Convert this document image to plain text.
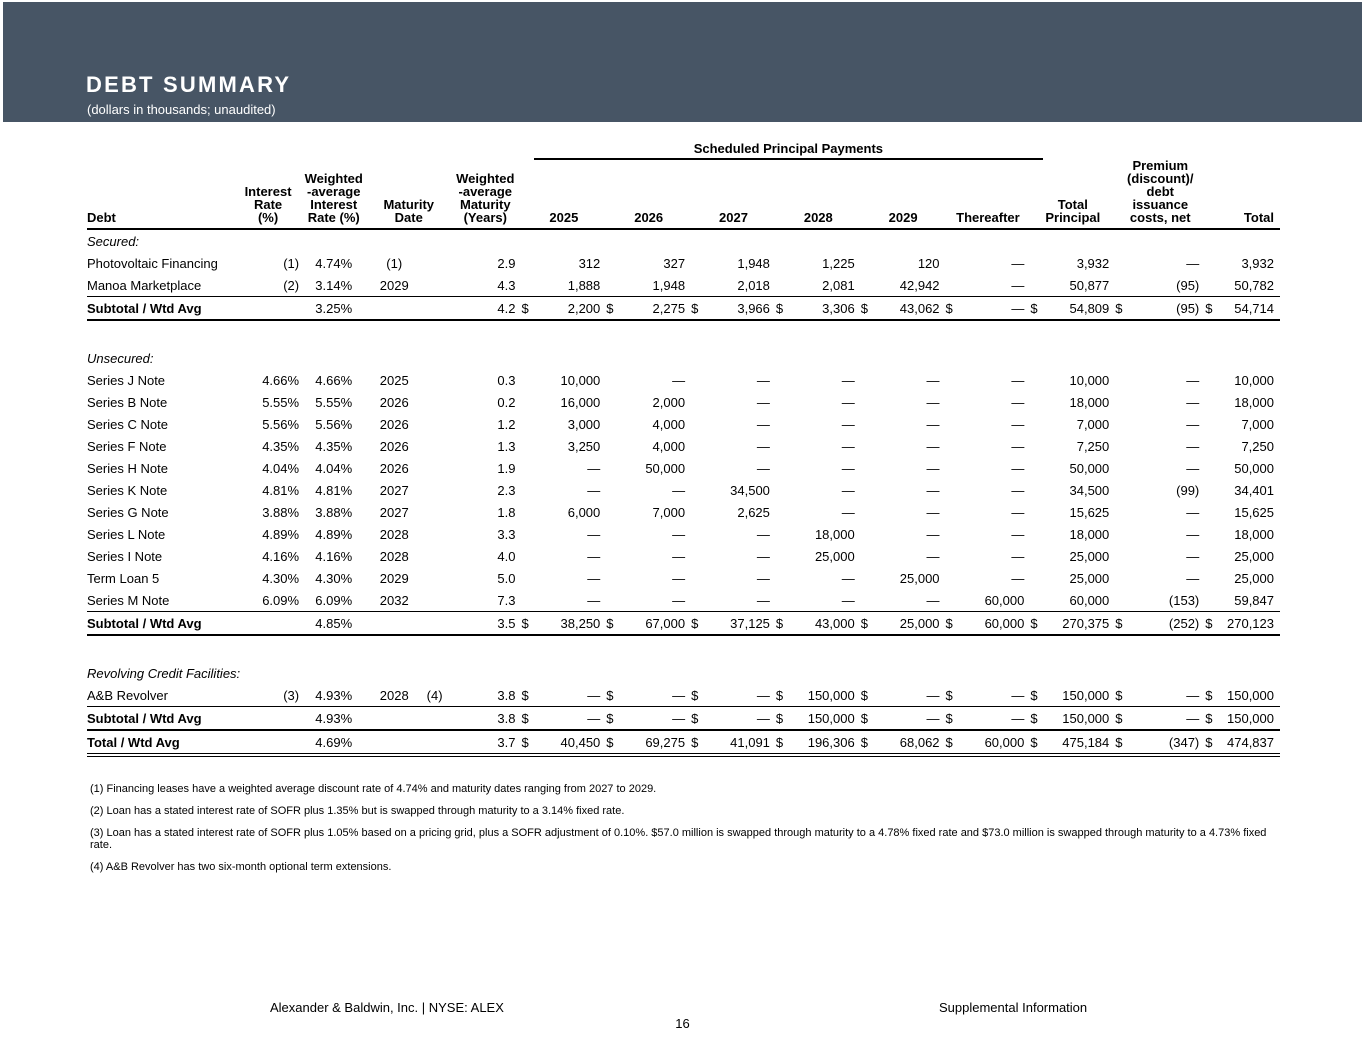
DEBT SUMMARY
(dollars in thousands; unaudited)
							Scheduled Principal Payments																
Debt	Interest
Rate
(%)	Weighted
-average
Interest
Rate (%)	Maturity
Date		Weighted
-average
Maturity
(Years)	2025		2026		2027		2028		2029		Thereafter		Total
Principal		Premium
(discount)/
debt
issuance
costs, net		Total	
Secured:																							
Photovoltaic Financing	(1)	4.74%	(1)		2.9		312		327		1,948		1,225		120		—		3,932		—		3,932
Manoa Marketplace	(2)	3.14%	2029		4.3		1,888		1,948		2,018		2,081		42,942		—		50,877		(95)		50,782
Subtotal / Wtd Avg		3.25%			4.2	$	2,200	$	2,275	$	3,966	$	3,306	$	43,062	$	—	$	54,809	$	(95)	$	54,714

Unsecured:																							
Series J Note	4.66%	4.66%	2025		0.3		10,000		—		—		—		—		—		10,000		—		10,000
Series B Note	5.55%	5.55%	2026		0.2		16,000		2,000		—		—		—		—		18,000		—		18,000
Series C Note	5.56%	5.56%	2026		1.2		3,000		4,000		—		—		—		—		7,000		—		7,000
Series F Note	4.35%	4.35%	2026		1.3		3,250		4,000		—		—		—		—		7,250		—		7,250
Series H Note	4.04%	4.04%	2026		1.9		—		50,000		—		—		—		—		50,000		—		50,000
Series K Note	4.81%	4.81%	2027		2.3		—		—		34,500		—		—		—		34,500		(99)		34,401
Series G Note	3.88%	3.88%	2027		1.8		6,000		7,000		2,625		—		—		—		15,625		—		15,625
Series L Note	4.89%	4.89%	2028		3.3		—		—		—		18,000		—		—		18,000		—		18,000
Series I Note	4.16%	4.16%	2028		4.0		—		—		—		25,000		—		—		25,000		—		25,000
Term Loan 5	4.30%	4.30%	2029		5.0		—		—		—		—		25,000		—		25,000		—		25,000
Series M Note	6.09%	6.09%	2032		7.3		—		—		—		—		—		60,000		60,000		(153)		59,847
Subtotal / Wtd Avg		4.85%			3.5	$	38,250	$	67,000	$	37,125	$	43,000	$	25,000	$	60,000	$	270,375	$	(252)	$	270,123

Revolving Credit Facilities:																							
A&B Revolver	(3)	4.93%	2028	(4)	3.8	$	—	$	—	$	—	$	150,000	$	—	$	—	$	150,000	$	—	$	150,000
Subtotal / Wtd Avg		4.93%			3.8	$	—	$	—	$	—	$	150,000	$	—	$	—	$	150,000	$	—	$	150,000
Total / Wtd Avg		4.69%			3.7	$	40,450	$	69,275	$	41,091	$	196,306	$	68,062	$	60,000	$	475,184	$	(347)	$	474,837

(1) Financing leases have a weighted average discount rate of 4.74% and maturity dates ranging from 2027 to 2029.

(2) Loan has a stated interest rate of SOFR plus 1.35% but is swapped through maturity to a 3.14% fixed rate.

(3) Loan has a stated interest rate of SOFR plus 1.05% based on a pricing grid, plus a SOFR adjustment of 0.10%. $57.0 million is swapped through maturity to a 4.78% fixed rate and $73.0 million is swapped through maturity to a 4.73% fixed rate.

(4) A&B Revolver has two six-month optional term extensions.

Alexander & Baldwin, Inc. | NYSE: ALEX	Supplemental Information
16
